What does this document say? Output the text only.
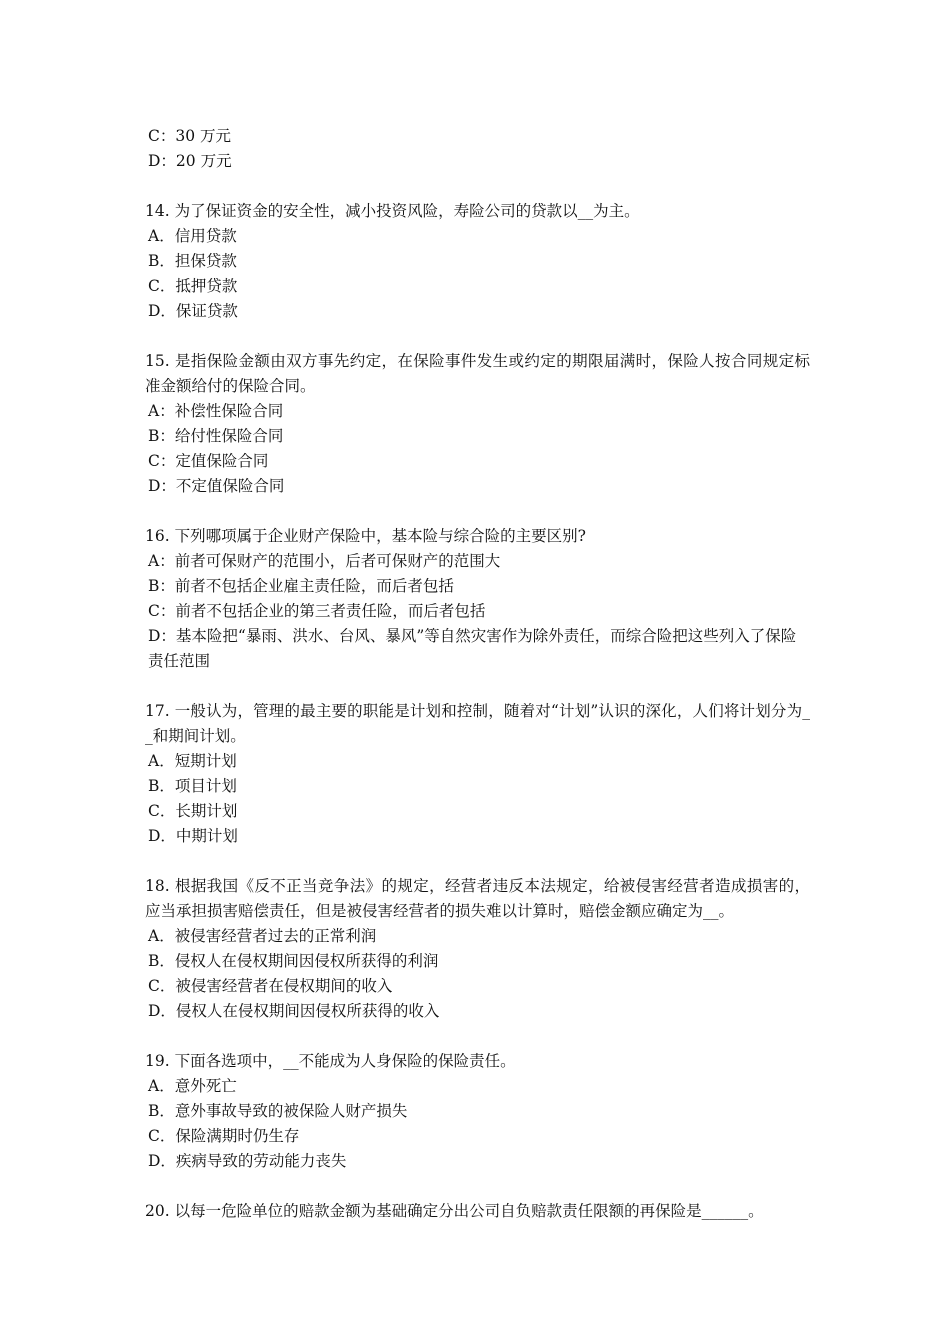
C：30 万元
D：20 万元
14. 为了保证资金的安全性，减小投资风险，寿险公司的贷款以__为主。
A．信用贷款
B．担保贷款
C．抵押贷款
D．保证贷款
15. 是指保险金额由双方事先约定，在保险事件发生或约定的期限届满时，保险人按合同规定标准金额给付的保险合同。
A：补偿性保险合同
B：给付性保险合同
C：定值保险合同
D：不定值保险合同
16. 下列哪项属于企业财产保险中，基本险与综合险的主要区别?
A：前者可保财产的范围小，后者可保财产的范围大
B：前者不包括企业雇主责任险，而后者包括
C：前者不包括企业的第三者责任险，而后者包括
D：基本险把“暴雨、洪水、台风、暴风”等自然灾害作为除外责任，而综合险把这些列入了保险责任范围
17. 一般认为，管理的最主要的职能是计划和控制，随着对“计划”认识的深化，人们将计划分为__和期间计划。
A．短期计划
B．项目计划
C．长期计划
D．中期计划
18. 根据我国《反不正当竞争法》的规定，经营者违反本法规定，给被侵害经营者造成损害的，应当承担损害赔偿责任，但是被侵害经营者的损失难以计算时，赔偿金额应确定为__。
A．被侵害经营者过去的正常利润
B．侵权人在侵权期间因侵权所获得的利润
C．被侵害经营者在侵权期间的收入
D．侵权人在侵权期间因侵权所获得的收入
19. 下面各选项中，__不能成为人身保险的保险责任。
A．意外死亡
B．意外事故导致的被保险人财产损失
C．保险满期时仍生存
D．疾病导致的劳动能力丧失
20. 以每一危险单位的赔款金额为基础确定分出公司自负赔款责任限额的再保险是______。
